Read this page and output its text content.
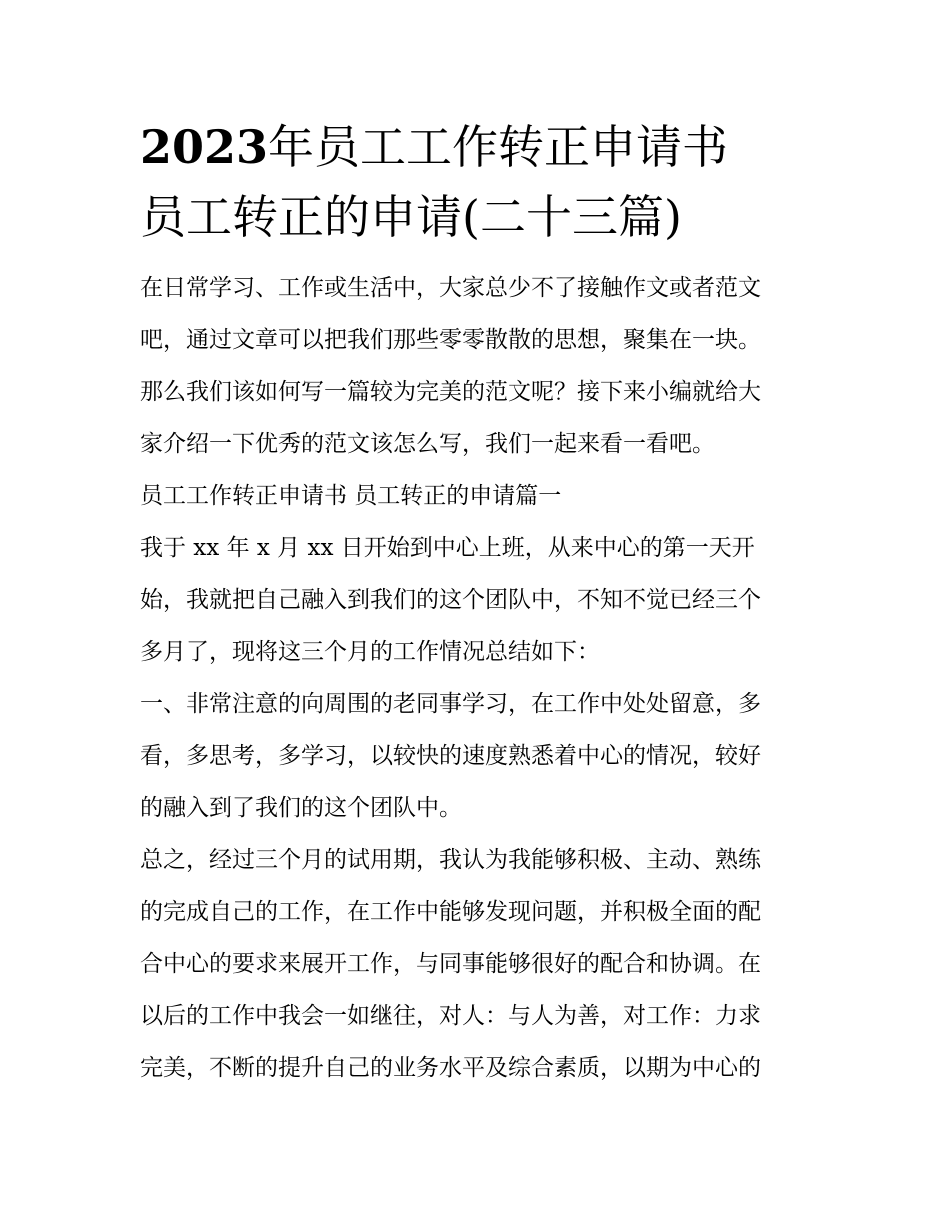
2023年员工工作转正申请书
员工转正的申请(二十三篇)

在日常学习、工作或生活中，大家总少不了接触作文或者范文
吧，通过文章可以把我们那些零零散散的思想，聚集在一块。
那么我们该如何写一篇较为完美的范文呢？接下来小编就给大
家介绍一下优秀的范文该怎么写，我们一起来看一看吧。

员工工作转正申请书 员工转正的申请篇一

我于 xx 年 x 月 xx 日开始到中心上班，从来中心的第一天开
始，我就把自己融入到我们的这个团队中，不知不觉已经三个
多月了，现将这三个月的工作情况总结如下：

一、非常注意的向周围的老同事学习，在工作中处处留意，多
看，多思考，多学习，以较快的速度熟悉着中心的情况，较好
的融入到了我们的这个团队中。

总之，经过三个月的试用期，我认为我能够积极、主动、熟练
的完成自己的工作，在工作中能够发现问题，并积极全面的配
合中心的要求来展开工作，与同事能够很好的配合和协调。在
以后的工作中我会一如继往，对人：与人为善，对工作：力求
完美，不断的提升自己的业务水平及综合素质，以期为中心的
